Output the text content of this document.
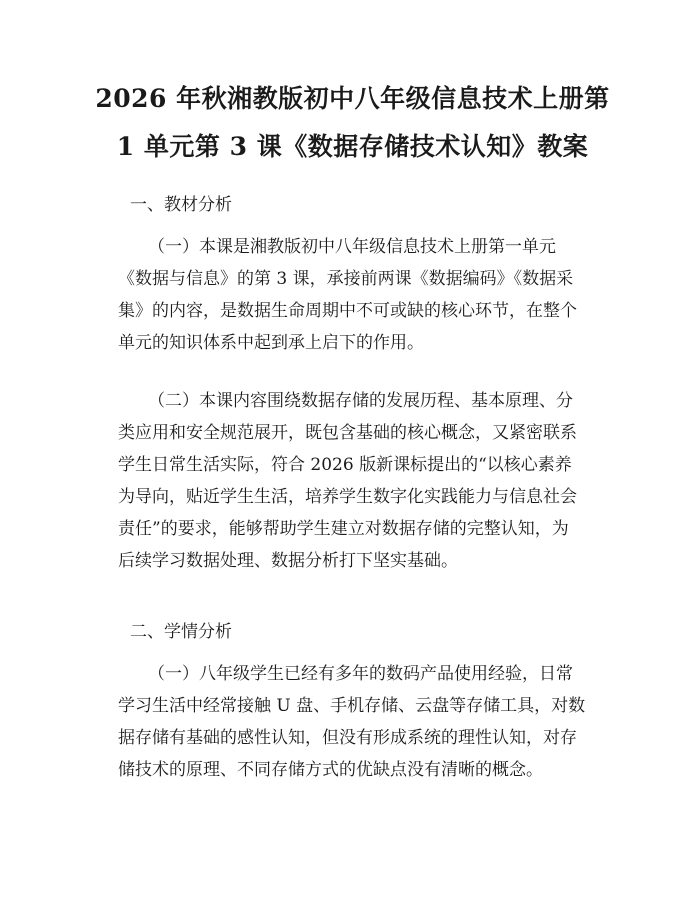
2026 年秋湘教版初中八年级信息技术上册第
1 单元第 3 课《数据存储技术认知》教案
一、教材分析
（一）本课是湘教版初中八年级信息技术上册第一单元
《数据与信息》的第 3 课，承接前两课《数据编码》《数据采
集》的内容，是数据生命周期中不可或缺的核心环节，在整个
单元的知识体系中起到承上启下的作用。
（二）本课内容围绕数据存储的发展历程、基本原理、分
类应用和安全规范展开，既包含基础的核心概念，又紧密联系
学生日常生活实际，符合 2026 版新课标提出的“以核心素养
为导向，贴近学生生活，培养学生数字化实践能力与信息社会
责任”的要求，能够帮助学生建立对数据存储的完整认知，为
后续学习数据处理、数据分析打下坚实基础。
二、学情分析
（一）八年级学生已经有多年的数码产品使用经验，日常
学习生活中经常接触 U 盘、手机存储、云盘等存储工具，对数
据存储有基础的感性认知，但没有形成系统的理性认知，对存
储技术的原理、不同存储方式的优缺点没有清晰的概念。
